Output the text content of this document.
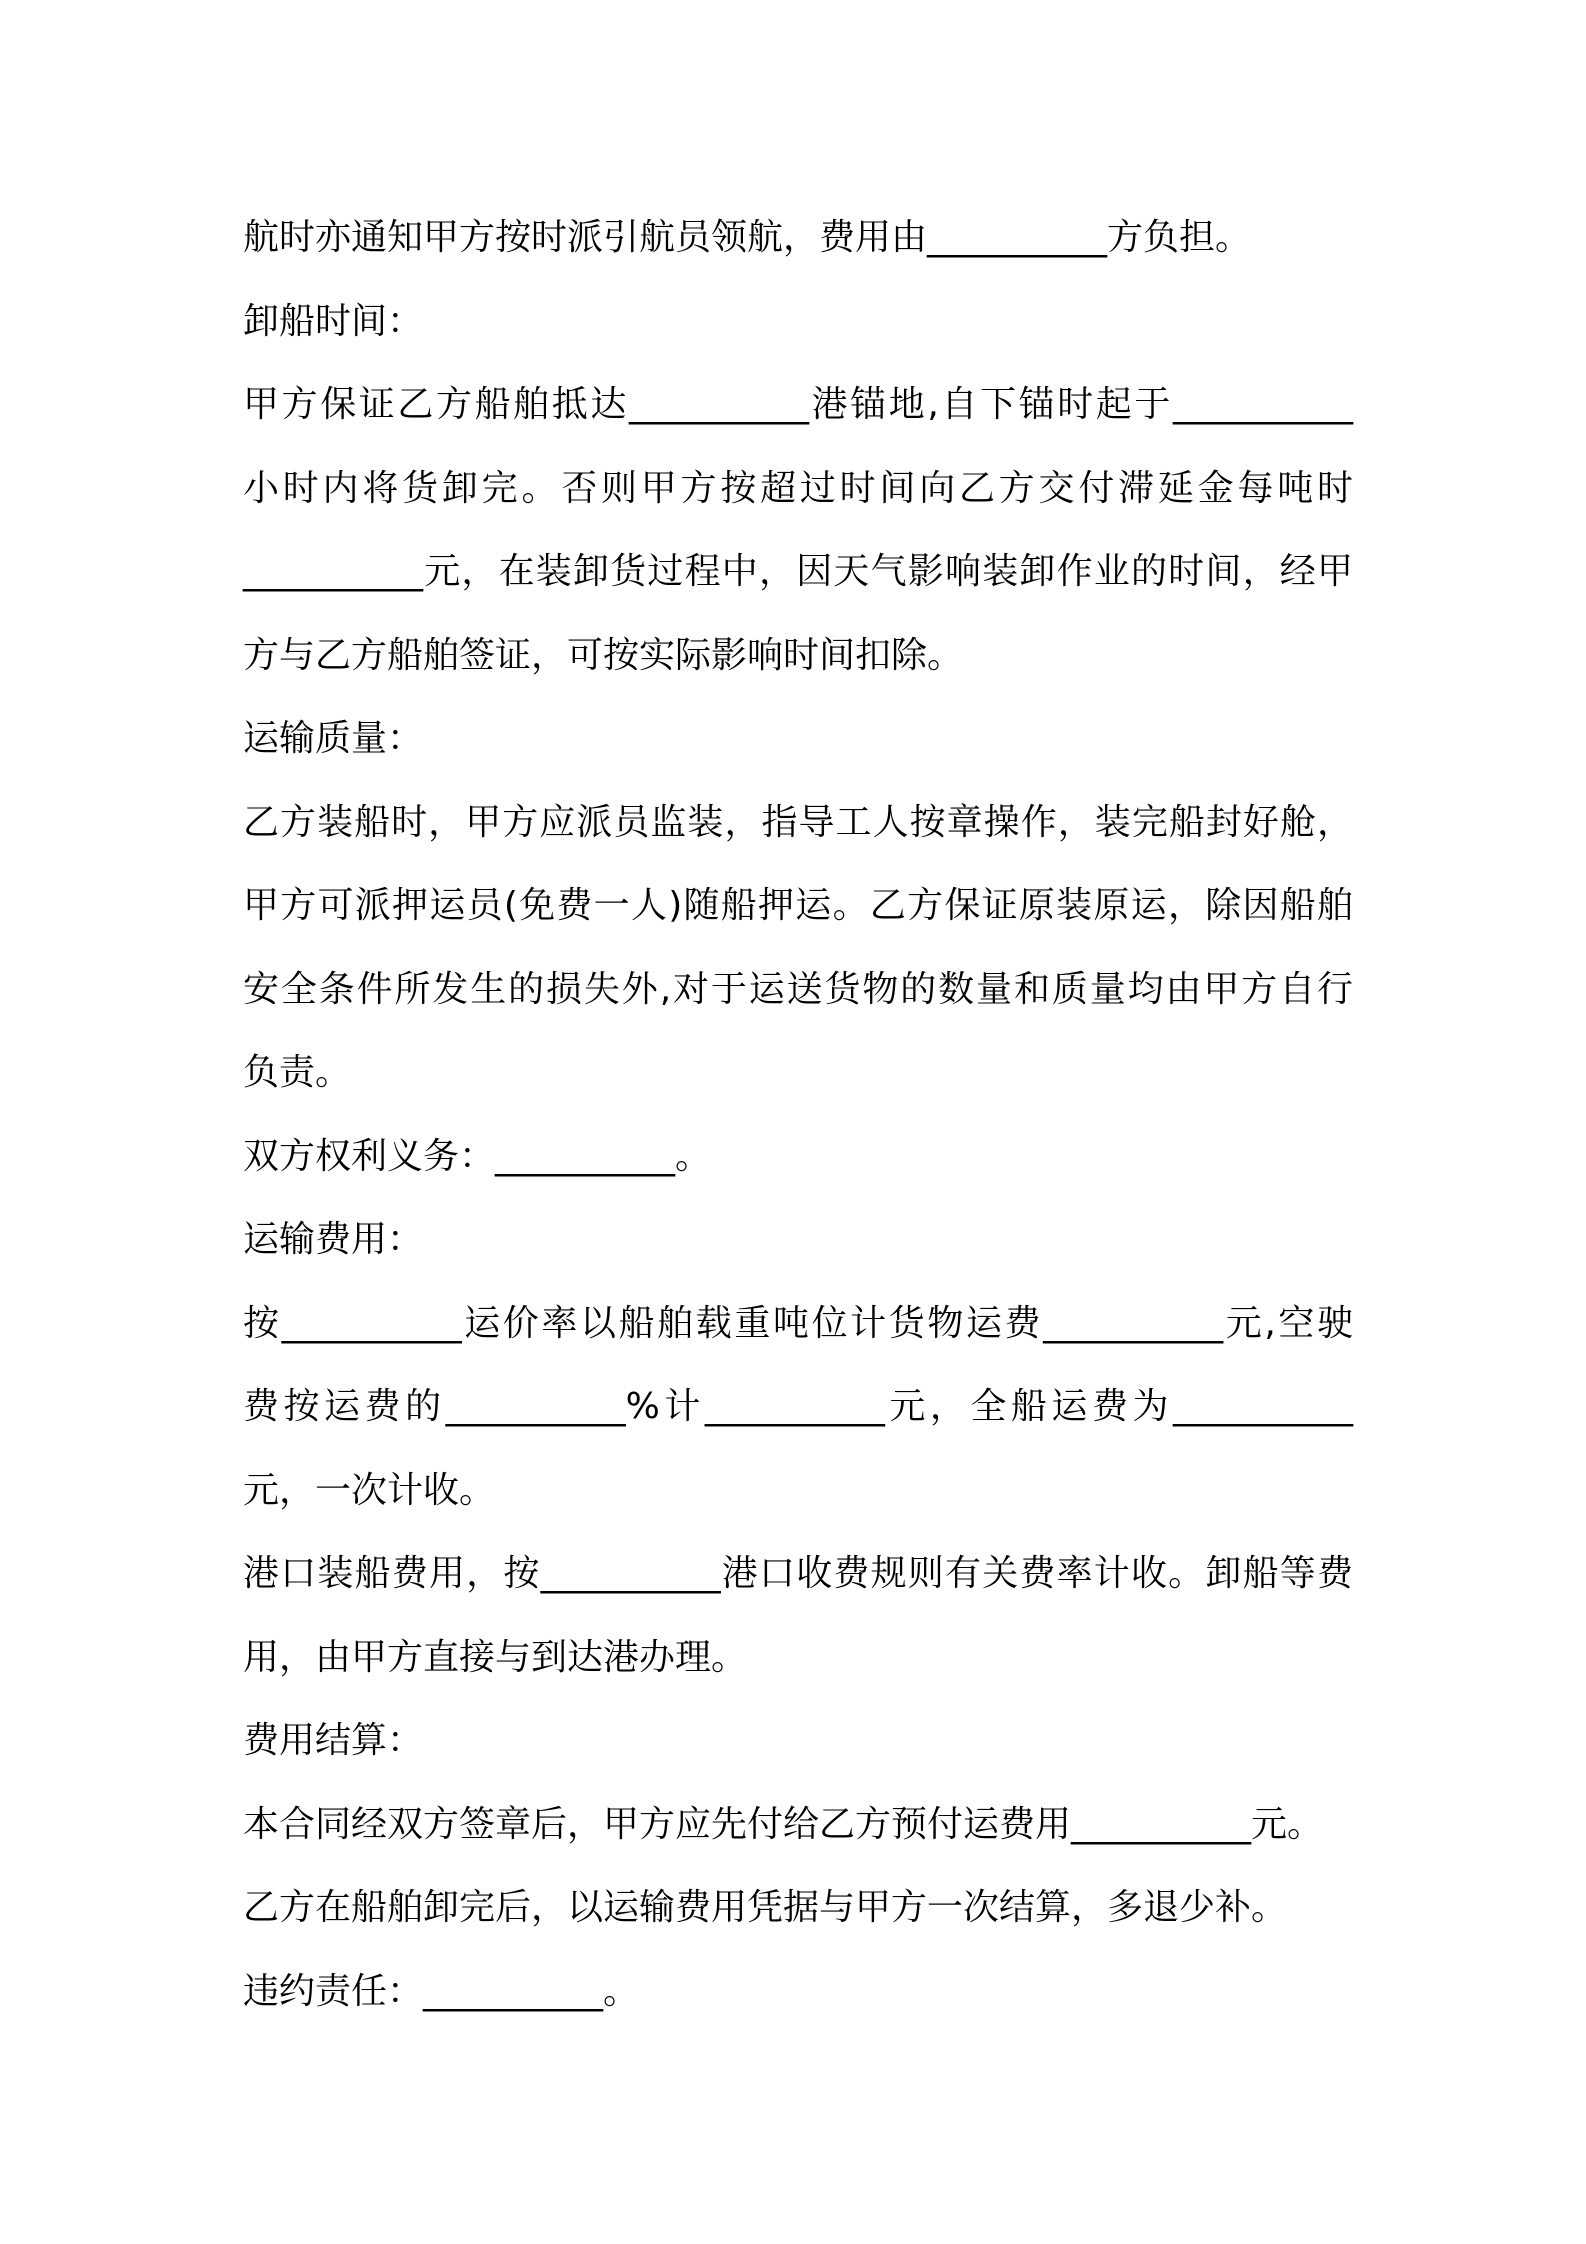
航时亦通知甲方按时派引航员领航，费用由__________方负担。
卸船时间：
甲方保证乙方船舶抵达__________港锚地,自下锚时起于__________
小时内将货卸完。否则甲方按超过时间向乙方交付滞延金每吨时
__________元，在装卸货过程中，因天气影响装卸作业的时间，经甲
方与乙方船舶签证，可按实际影响时间扣除。
运输质量：
乙方装船时，甲方应派员监装，指导工人按章操作，装完船封好舱，
甲方可派押运员(免费一人)随船押运。乙方保证原装原运，除因船舶
安全条件所发生的损失外,对于运送货物的数量和质量均由甲方自行
负责。
双方权利义务：__________。
运输费用：
按__________运价率以船舶载重吨位计货物运费__________元,空驶
费按运费的__________%计__________元，全船运费为__________
元，一次计收。
港口装船费用，按__________港口收费规则有关费率计收。卸船等费
用，由甲方直接与到达港办理。
费用结算：
本合同经双方签章后，甲方应先付给乙方预付运费用__________元。
乙方在船舶卸完后，以运输费用凭据与甲方一次结算，多退少补。
违约责任：__________。
